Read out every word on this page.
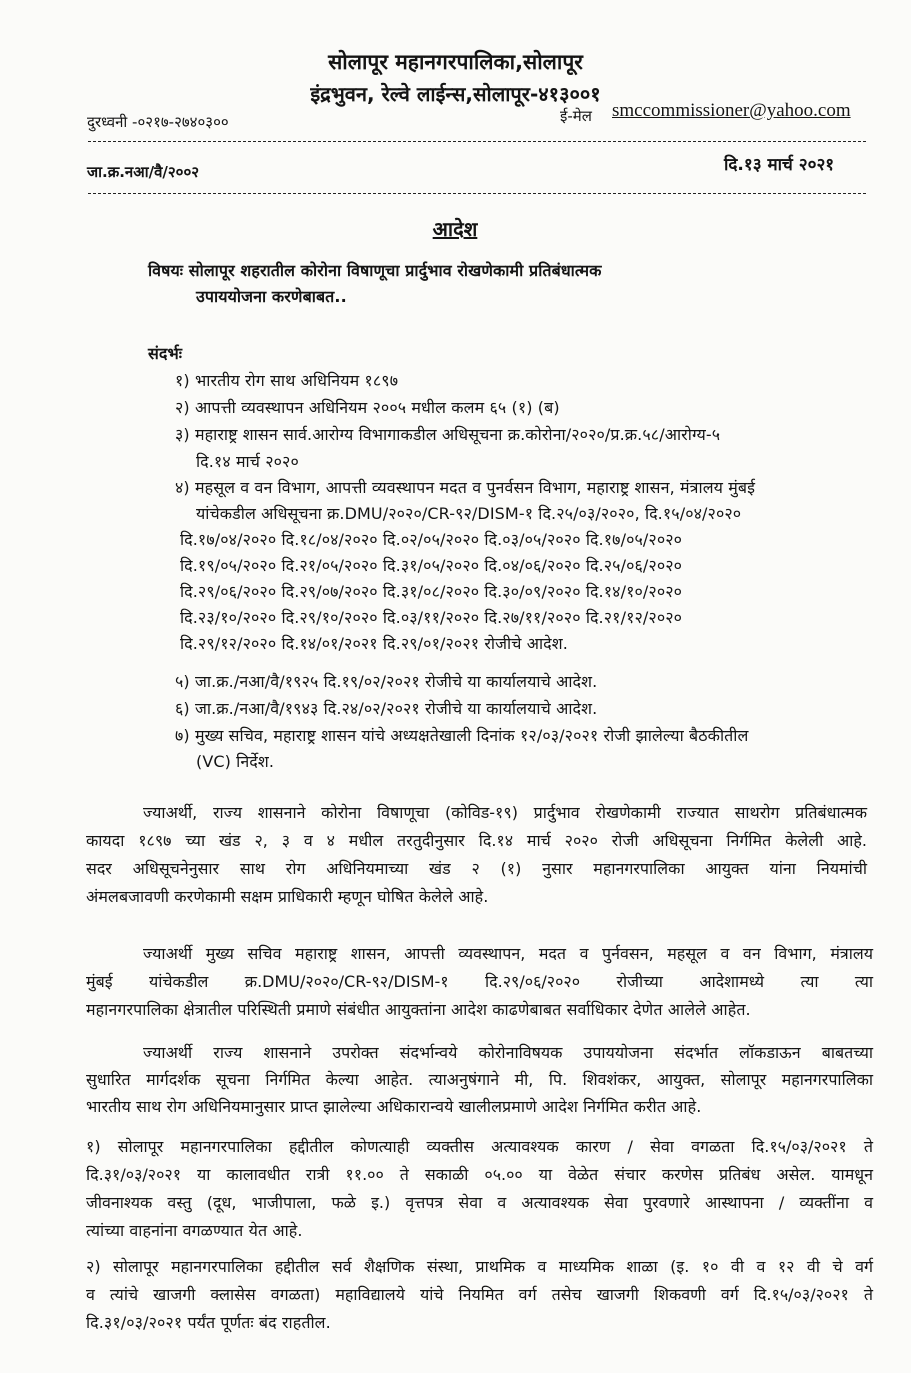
सोलापूर महानगरपालिका,सोलापूर
इंद्रभुवन, रेल्वे लाईन्स,सोलापूर-४१३००१
दुरध्वनी -०२१७-२७४०३००	ई-मेल smccommissioner@yahoo.com
जा.क्र.नआ/वै/२००२	दि.१३ मार्च २०२१
आदेश
विषयः सोलापूर शहरातील कोरोना विषाणूचा प्रार्दुभाव रोखणेकामी प्रतिबंधात्मक
उपाययोजना करणेबाबत..
संदर्भः
१) भारतीय रोग साथ अधिनियम १८९७
२) आपत्ती व्यवस्थापन अधिनियम २००५ मधील कलम ६५ (१) (ब)
३) महाराष्ट्र शासन सार्व.आरोग्य विभागाकडील अधिसूचना क्र.कोरोना/२०२०/प्र.क्र.५८/आरोग्य-५
दि.१४ मार्च २०२०
४) महसूल व वन विभाग, आपत्ती व्यवस्थापन मदत व पुनर्वसन विभाग, महाराष्ट्र शासन, मंत्रालय मुंबई
यांचेकडील अधिसूचना क्र.DMU/२०२०/CR-९२/DISM-१ दि.२५/०३/२०२०, दि.१५/०४/२०२०
दि.१७/०४/२०२० दि.१८/०४/२०२० दि.०२/०५/२०२० दि.०३/०५/२०२० दि.१७/०५/२०२०
दि.१९/०५/२०२० दि.२१/०५/२०२० दि.३१/०५/२०२० दि.०४/०६/२०२० दि.२५/०६/२०२०
दि.२९/०६/२०२० दि.२९/०७/२०२० दि.३१/०८/२०२० दि.३०/०९/२०२० दि.१४/१०/२०२०
दि.२३/१०/२०२० दि.२९/१०/२०२० दि.०३/११/२०२० दि.२७/११/२०२० दि.२१/१२/२०२०
दि.२९/१२/२०२० दि.१४/०१/२०२१ दि.२९/०१/२०२१ रोजीचे आदेश.
५) जा.क्र./नआ/वै/१९२५ दि.१९/०२/२०२१ रोजीचे या कार्यालयाचे आदेश.
६) जा.क्र./नआ/वै/१९४३ दि.२४/०२/२०२१ रोजीचे या कार्यालयाचे आदेश.
७) मुख्य सचिव, महाराष्ट्र शासन यांचे अध्यक्षतेखाली दिनांक १२/०३/२०२१ रोजी झालेल्या बैठकीतील
(VC) निर्देश.
ज्याअर्थी, राज्य शासनाने कोरोना विषाणूचा (कोविड-१९) प्रार्दुभाव रोखणेकामी राज्यात साथरोग प्रतिबंधात्मक
कायदा १८९७ च्या खंड २, ३ व ४ मधील तरतुदीनुसार दि.१४ मार्च २०२० रोजी अधिसूचना निर्गमित केलेली आहे.
सदर अधिसूचनेनुसार साथ रोग अधिनियमाच्या खंड २ (१) नुसार महानगरपालिका आयुक्त यांना नियमांची
अंमलबजावणी करणेकामी सक्षम प्राधिकारी म्हणून घोषित केलेले आहे.
ज्याअर्थी मुख्य सचिव महाराष्ट्र शासन, आपत्ती व्यवस्थापन, मदत व पुर्नवसन, महसूल व वन विभाग, मंत्रालय
मुंबई यांचेकडील क्र.DMU/२०२०/CR-९२/DISM-१ दि.२९/०६/२०२० रोजीच्या आदेशामध्ये त्या त्या
महानगरपालिका क्षेत्रातील परिस्थिती प्रमाणे संबंधीत आयुक्तांना आदेश काढणेबाबत सर्वाधिकार देणेत आलेले आहेत.
ज्याअर्थी राज्य शासनाने उपरोक्त संदर्भान्वये कोरोनाविषयक उपाययोजना संदर्भात लॉकडाऊन बाबतच्या
सुधारित मार्गदर्शक सूचना निर्गमित केल्या आहेत. त्याअनुषंगाने मी, पि. शिवशंकर, आयुक्त, सोलापूर महानगरपालिका
भारतीय साथ रोग अधिनियमानुसार प्राप्त झालेल्या अधिकारान्वये खालीलप्रमाणे आदेश निर्गमित करीत आहे.
१) सोलापूर महानगरपालिका हद्दीतील कोणत्याही व्यक्तीस अत्यावश्यक कारण / सेवा वगळता दि.१५/०३/२०२१ ते
दि.३१/०३/२०२१ या कालावधीत रात्री ११.०० ते सकाळी ०५.०० या वेळेत संचार करणेस प्रतिबंध असेल. यामधून
जीवनाश्यक वस्तु (दूध, भाजीपाला, फळे इ.) वृत्तपत्र सेवा व अत्यावश्यक सेवा पुरवणारे आस्थापना / व्यक्तींना व
त्यांच्या वाहनांना वगळण्यात येत आहे.
२) सोलापूर महानगरपालिका हद्दीतील सर्व शैक्षणिक संस्था, प्राथमिक व माध्यमिक शाळा (इ. १० वी व १२ वी चे वर्ग
व त्यांचे खाजगी क्लासेस वगळता) महाविद्यालये यांचे नियमित वर्ग तसेच खाजगी शिकवणी वर्ग दि.१५/०३/२०२१ ते
दि.३१/०३/२०२१ पर्यंत पूर्णतः बंद राहतील.
